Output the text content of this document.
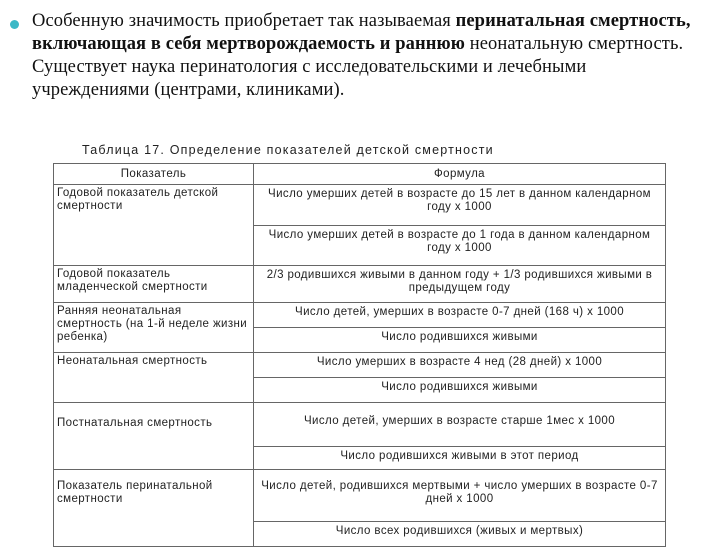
Особенную значимость приобретает так называемая перинатальная смертность, включающая в себя мертворождаемость и раннюю неонатальную смертность. Существует наука перинатология с исследовательскими и лечебными учреждениями (центрами, клиниками).

Таблица 17. Определение показателей детской смертности
Показатель	Формула
Годовой показатель детской смертности	Число умерших детей в возрасте до 15 лет в данном календарном году х 1000
Число умерших детей в возрасте до 1 года в данном календарном году х 1000

Годовой показатель младенческой смертности	2/3 родившихся живыми в данном году + 1/3 родившихся живыми в предыдущем году

Ранняя неонатальная смертность (на 1-й неделе жизни ребенка)	Число детей, умерших в возрасте 0-7 дней (168 ч) х 1000
Число родившихся живыми

Неонатальная смертность	Число умерших в возрасте 4 нед (28 дней) х 1000
Число родившихся живыми

Постнатальная смертность	Число детей, умерших в возрасте старше 1мес х 1000
Число родившихся живыми в этот период

Показатель перинатальной смертности	Число детей, родившихся мертвыми + число умерших в возрасте 0-7 дней х 1000
Число всех родившихся (живых и мертвых)
